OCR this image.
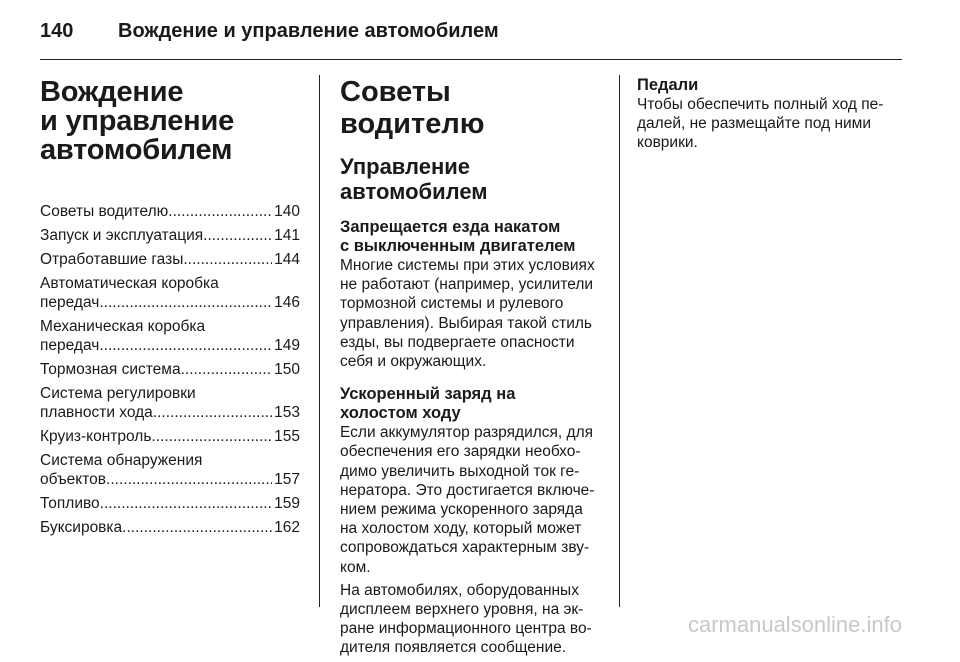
140	Вождение и управление автомобилем
Вождение
и управление
автомобилем
Советы водителю .....	140
Запуск и эксплуатация .....	141
Отработавшие газы .....	144
Автоматическая коробка
передач .....	146
Механическая коробка
передач .....	149
Тормозная система .....	150
Система регулировки
плавности хода .....	153
Круиз-контроль .....	155
Система обнаружения
объектов .....	157
Топливо .....	159
Буксировка .....	162
Советы водителю
Управление
автомобилем
Запрещается езда накатом
с выключенным двигателем
Многие системы при этих условиях
не работают (например, усилители
тормозной системы и рулевого
управления). Выбирая такой стиль
езды, вы подвергаете опасности
себя и окружающих.
Ускоренный заряд на
холостом ходу
Если аккумулятор разрядился, для
обеспечения его зарядки необхо-
димо увеличить выходной ток ге-
нератора. Это достигается включе-
нием режима ускоренного заряда
на холостом ходу, который может
сопровождаться характерным зву-
ком.
На автомобилях, оборудованных
дисплеем верхнего уровня, на эк-
ране информационного центра во-
дителя появляется сообщение.
Педали
Чтобы обеспечить полный ход пе-
далей, не размещайте под ними
коврики.
carmanualsonline.info
